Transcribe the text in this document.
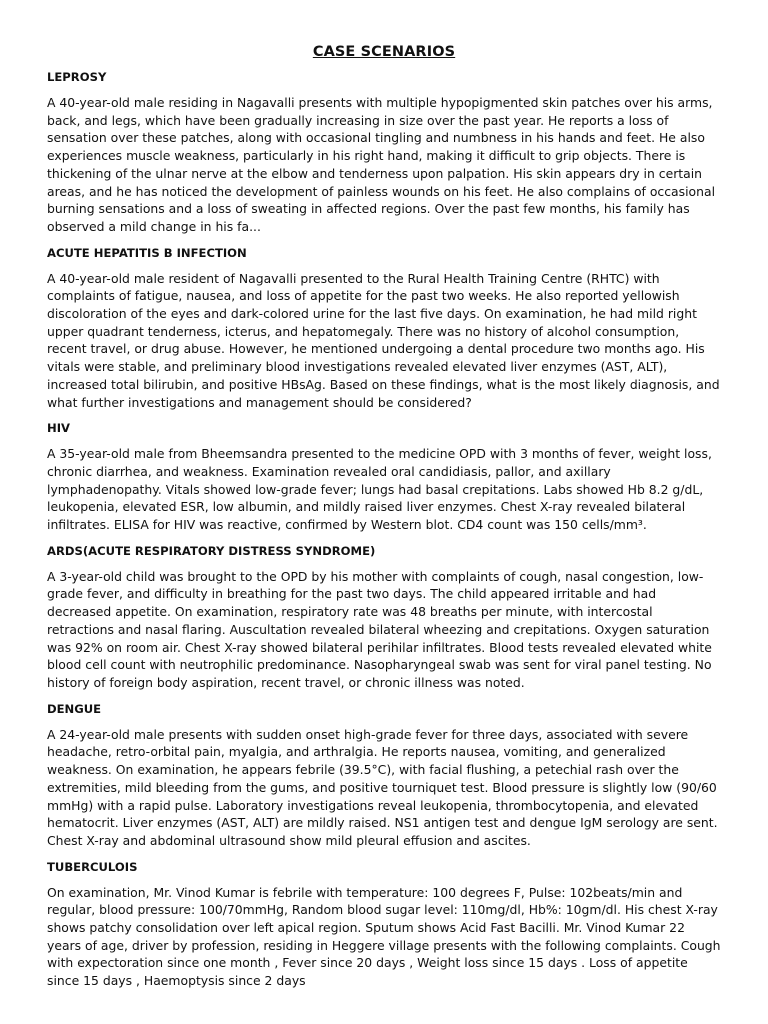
CASE SCENARIOS
LEPROSY
A 40-year-old male residing in Nagavalli presents with multiple hypopigmented skin patches over his arms, back, and legs, which have been gradually increasing in size over the past year. He reports a loss of sensation over these patches, along with occasional tingling and numbness in his hands and feet. He also experiences muscle weakness, particularly in his right hand, making it difficult to grip objects. There is thickening of the ulnar nerve at the elbow and tenderness upon palpation. His skin appears dry in certain areas, and he has noticed the development of painless wounds on his feet. He also complains of occasional burning sensations and a loss of sweating in affected regions. Over the past few months, his family has observed a mild change in his fa...
ACUTE HEPATITIS B INFECTION
A 40-year-old male resident of Nagavalli presented to the Rural Health Training Centre (RHTC) with complaints of fatigue, nausea, and loss of appetite for the past two weeks. He also reported yellowish discoloration of the eyes and dark-colored urine for the last five days. On examination, he had mild right upper quadrant tenderness, icterus, and hepatomegaly. There was no history of alcohol consumption, recent travel, or drug abuse. However, he mentioned undergoing a dental procedure two months ago. His vitals were stable, and preliminary blood investigations revealed elevated liver enzymes (AST, ALT), increased total bilirubin, and positive HBsAg. Based on these findings, what is the most likely diagnosis, and what further investigations and management should be considered?
HIV
A 35-year-old male from Bheemsandra presented to the medicine OPD with 3 months of fever, weight loss, chronic diarrhea, and weakness. Examination revealed oral candidiasis, pallor, and axillary lymphadenopathy. Vitals showed low-grade fever; lungs had basal crepitations. Labs showed Hb 8.2 g/dL, leukopenia, elevated ESR, low albumin, and mildly raised liver enzymes. Chest X-ray revealed bilateral infiltrates. ELISA for HIV was reactive, confirmed by Western blot. CD4 count was 150 cells/mm³.
ARDS(ACUTE RESPIRATORY DISTRESS SYNDROME)
A 3-year-old child was brought to the OPD by his mother with complaints of cough, nasal congestion, low-grade fever, and difficulty in breathing for the past two days. The child appeared irritable and had decreased appetite. On examination, respiratory rate was 48 breaths per minute, with intercostal retractions and nasal flaring. Auscultation revealed bilateral wheezing and crepitations. Oxygen saturation was 92% on room air. Chest X-ray showed bilateral perihilar infiltrates. Blood tests revealed elevated white blood cell count with neutrophilic predominance. Nasopharyngeal swab was sent for viral panel testing. No history of foreign body aspiration, recent travel, or chronic illness was noted.
DENGUE
A 24-year-old male presents with sudden onset high-grade fever for three days, associated with severe headache, retro-orbital pain, myalgia, and arthralgia. He reports nausea, vomiting, and generalized weakness. On examination, he appears febrile (39.5°C), with facial flushing, a petechial rash over the extremities, mild bleeding from the gums, and positive tourniquet test. Blood pressure is slightly low (90/60 mmHg) with a rapid pulse. Laboratory investigations reveal leukopenia, thrombocytopenia, and elevated hematocrit. Liver enzymes (AST, ALT) are mildly raised. NS1 antigen test and dengue IgM serology are sent. Chest X-ray and abdominal ultrasound show mild pleural effusion and ascites.
TUBERCULOIS
On examination, Mr. Vinod Kumar is febrile with temperature: 100 degrees F, Pulse: 102beats/min and regular, blood pressure: 100/70mmHg, Random blood sugar level: 110mg/dl, Hb%: 10gm/dl. His chest X-ray shows patchy consolidation over left apical region. Sputum shows Acid Fast Bacilli. Mr. Vinod Kumar 22 years of age, driver by profession, residing in Heggere village presents with the following complaints. Cough with expectoration since one month , Fever since 20 days , Weight loss since 15 days . Loss of appetite since 15 days , Haemoptysis since 2 days
